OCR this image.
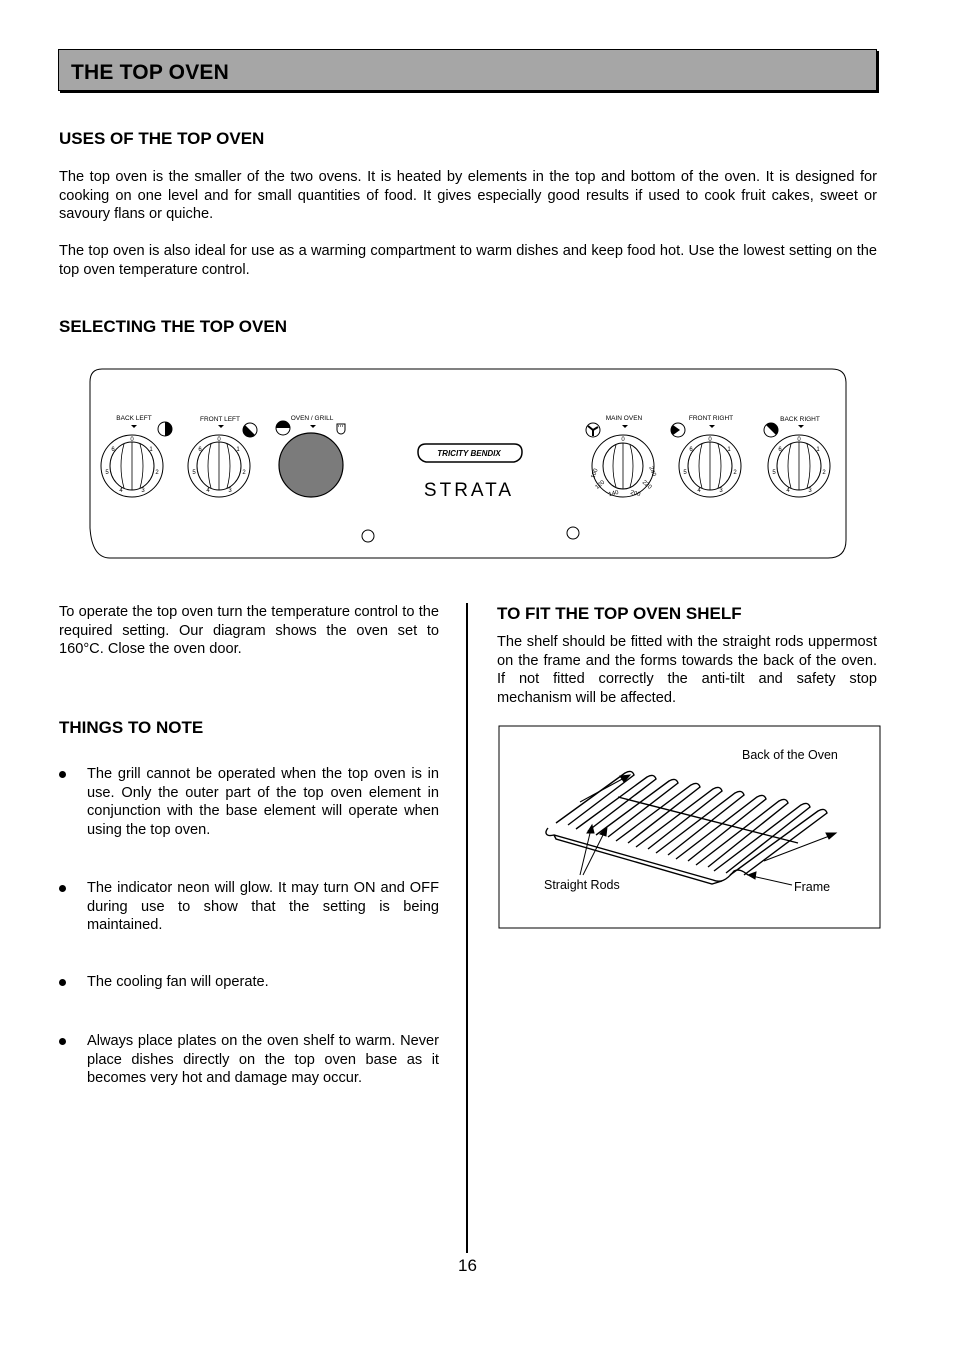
THE TOP OVEN
USES OF THE TOP OVEN
The top oven is the smaller of the two ovens. It is heated by elements in the top and bottom of the oven. It is designed for cooking on one level and for small quantities of food. It gives especially good results if used to cook fruit cakes, sweet or savoury flans or quiche.
The top oven is also ideal for use as a warming compartment to warm dishes and keep food hot. Use the lowest setting on the top oven temperature control.
SELECTING THE TOP OVEN
BACK LEFT	FRONT LEFT	OVEN / GRILL	MAIN OVEN	FRONT RIGHT	BACK RIGHT
0
1
2
3
4
5
6
0
1
2
3
4
5
6	TRICITY BENDIX
STRATA
0
100
120
140 200
220
240
0
1
2
3
4
5
6
0
1
2
3
4
5
6
To operate the top oven turn the temperature control to the required setting. Our diagram shows the oven set to 160°C. Close the oven door.
THINGS TO NOTE
The grill cannot be operated when the top oven is in use. Only the outer part of the top oven element in conjunction with the base element will operate when using the top oven.
The indicator neon will glow. It may turn ON and OFF during use to show that the setting is being maintained.
The cooling fan will operate.
Always place plates on the oven shelf to warm. Never place dishes directly on the top oven base as it becomes very hot and damage may occur.
TO FIT THE TOP OVEN SHELF
The shelf should be fitted with the straight rods uppermost on the frame and the forms towards the back of the oven. If not fitted correctly the anti-tilt and safety stop mechanism will be affected.
Back of the Oven
Straight Rods	Frame
16
